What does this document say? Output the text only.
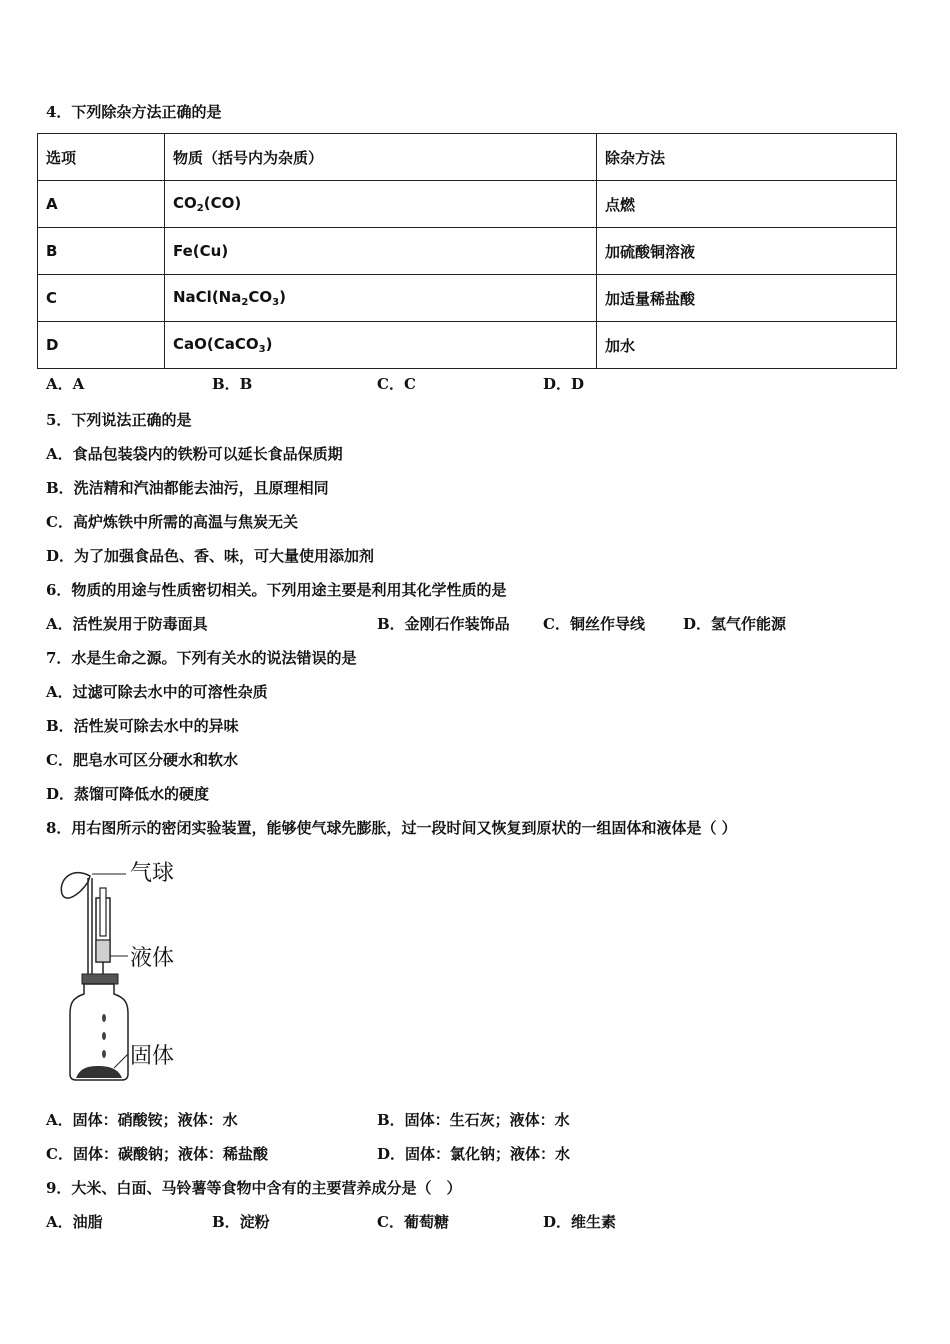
4．下列除杂方法正确的是
选项	物质（括号内为杂质）	除杂方法
A	$CO_2(CO)$	点燃
B	Fe(Cu)	加硫酸铜溶液
C	$NaCl(Na_2CO_3)$	加适量稀盐酸
D	CaO(CaCO$_3$)	加水
A．A	B．B	C．C	D．D
5．下列说法正确的是
A．食品包装袋内的铁粉可以延长食品保质期
B．洗洁精和汽油都能去油污，且原理相同
C．高炉炼铁中所需的高温与焦炭无关
D．为了加强食品色、香、味，可大量使用添加剂
6．物质的用途与性质密切相关。下列用途主要是利用其化学性质的是
A．活性炭用于防毒面具	B．金刚石作装饰品 C．铜丝作导线	D．氢气作能源
7．水是生命之源。下列有关水的说法错误的是
A．过滤可除去水中的可溶性杂质
B．活性炭可除去水中的异味
C．肥皂水可区分硬水和软水
D．蒸馏可降低水的硬度
8．用右图所示的密闭实验装置，能够使气球先膨胀，过一段时间又恢复到原状的一组固体和液体是（ ）
气球
液体
固体
A．固体：硝酸铵；液体：水	B．固体：生石灰；液体：水
C．固体：碳酸钠；液体：稀盐酸	D．固体：氯化钠；液体：水
9．大米、白面、马铃薯等食物中含有的主要营养成分是（　）
A．油脂	B．淀粉	C．葡萄糖	D．维生素
